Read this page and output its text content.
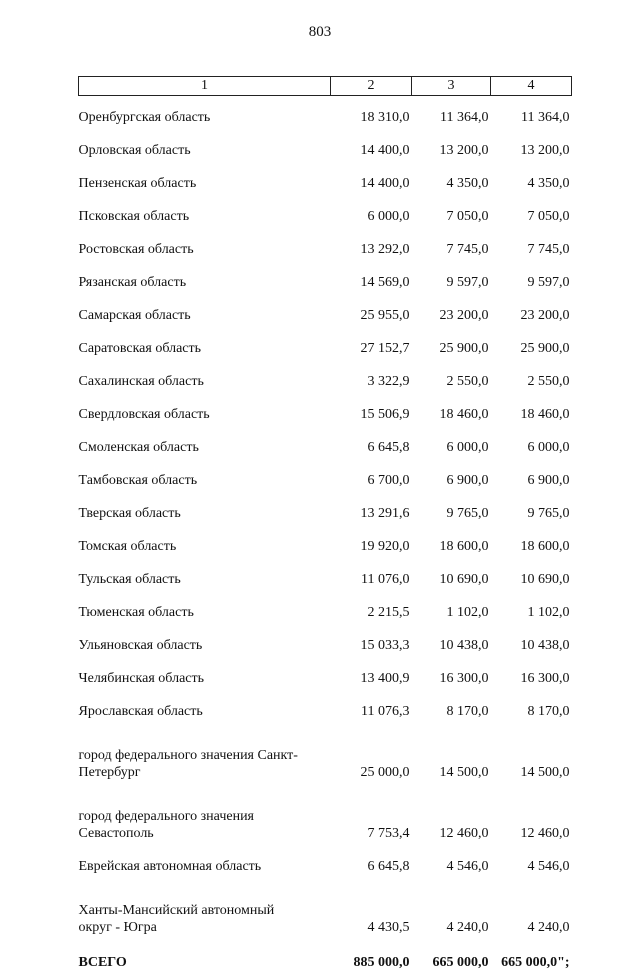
803
1	2	3	4
Оренбургская область	18 310,0	11 364,0	11 364,0
Орловская область	14 400,0	13 200,0	13 200,0
Пензенская область	14 400,0	4 350,0	4 350,0
Псковская область	6 000,0	7 050,0	7 050,0
Ростовская область	13 292,0	7 745,0	7 745,0
Рязанская область	14 569,0	9 597,0	9 597,0
Самарская область	25 955,0	23 200,0	23 200,0
Саратовская область	27 152,7	25 900,0	25 900,0
Сахалинская область	3 322,9	2 550,0	2 550,0
Свердловская область	15 506,9	18 460,0	18 460,0
Смоленская область	6 645,8	6 000,0	6 000,0
Тамбовская область	6 700,0	6 900,0	6 900,0
Тверская область	13 291,6	9 765,0	9 765,0
Томская область	19 920,0	18 600,0	18 600,0
Тульская область	11 076,0	10 690,0	10 690,0
Тюменская область	2 215,5	1 102,0	1 102,0
Ульяновская область	15 033,3	10 438,0	10 438,0
Челябинская область	13 400,9	16 300,0	16 300,0
Ярославская область	11 076,3	8 170,0	8 170,0

город федерального значения Санкт-
Петербург	25 000,0	14 500,0	14 500,0

город федерального значения
Севастополь	7 753,4	12 460,0	12 460,0
Еврейская автономная область	6 645,8	4 546,0	4 546,0

Ханты-Мансийский автономный
округ - Югра	4 430,5	4 240,0	4 240,0
ВСЕГО	885 000,0	665 000,0	665 000,0";
